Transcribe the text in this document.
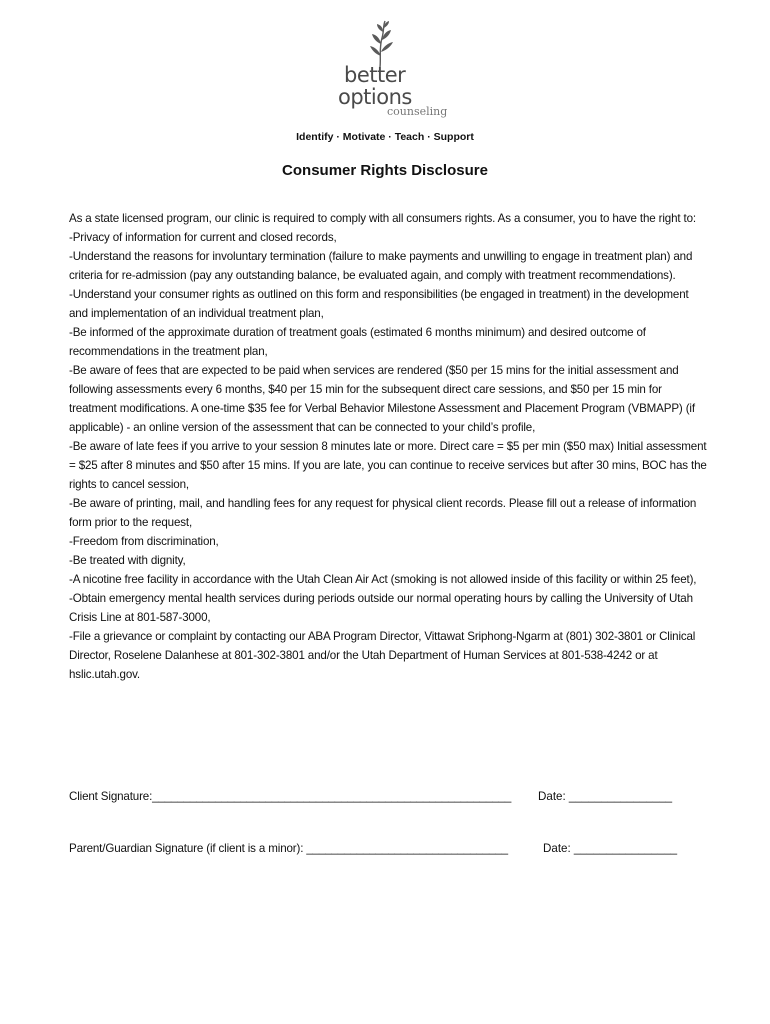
better
options
counseling
Identify · Motivate · Teach · Support
Consumer Rights Disclosure

As a state licensed program, our clinic is required to comply with all consumers rights. As a consumer, you to have the right to:

-Privacy of information for current and closed records,

-Understand the reasons for involuntary termination (failure to make payments and unwilling to engage in treatment plan) and criteria for re-admission (pay any outstanding balance, be evaluated again, and comply with treatment recommendations).

-Understand your consumer rights as outlined on this form and responsibilities (be engaged in treatment) in the development and implementation of an individual treatment plan,

-Be informed of the approximate duration of treatment goals (estimated 6 months minimum) and desired outcome of recommendations in the treatment plan,

-Be aware of fees that are expected to be paid when services are rendered ($50 per 15 mins for the initial assessment and following assessments every 6 months, $40 per 15 min for the subsequent direct care sessions, and $50 per 15 min for treatment modifications. A one-time $35 fee for Verbal Behavior Milestone Assessment and Placement Program (VBMAPP) (if applicable) - an online version of the assessment that can be connected to your child’s profile,

-Be aware of late fees if you arrive to your session 8 minutes late or more. Direct care = $5 per min ($50 max) Initial assessment = $25 after 8 minutes and $50 after 15 mins. If you are late, you can continue to receive services but after 30 mins, BOC has the rights to cancel session,

-Be aware of printing, mail, and handling fees for any request for physical client records. Please fill out a release of information form prior to the request,

-Freedom from discrimination,

-Be treated with dignity,

-A nicotine free facility in accordance with the Utah Clean Air Act (smoking is not allowed inside of this facility or within 25 feet),

-Obtain emergency mental health services during periods outside our normal operating hours by calling the University of Utah Crisis Line at 801-587-3000,

-File a grievance or complaint by contacting our ABA Program Director, Vittawat Sriphong-Ngarm at (801) 302-3801 or Clinical Director, Roselene Dalanhese at 801-302-3801 and/or the Utah Department of Human Services at 801-538-4242 or at hslic.utah.gov.

Client Signature:_________________________________________________________ Date: ________________
Parent/Guardian Signature (if client is a minor): ________________________________	Date: ________________
